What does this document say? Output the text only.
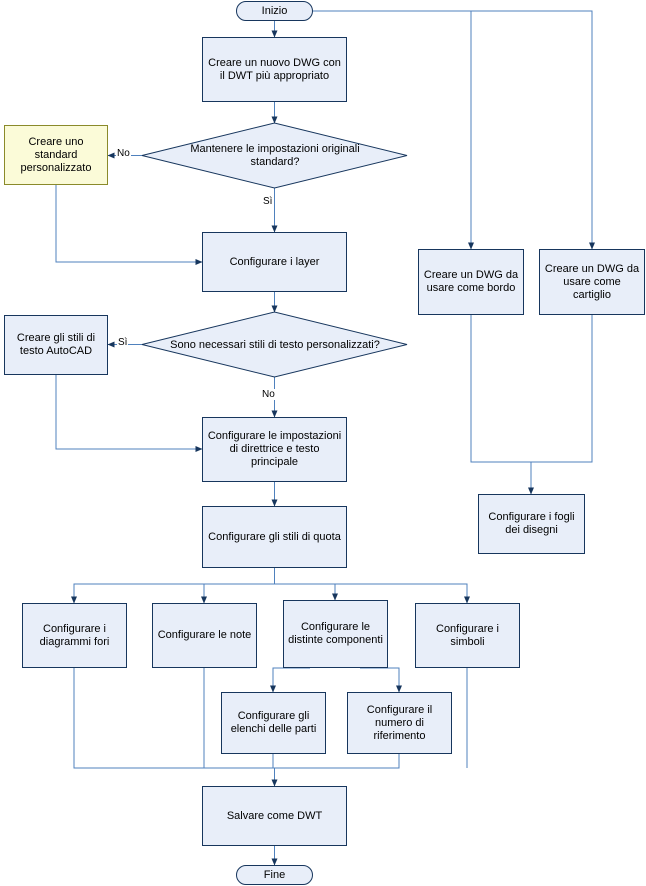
Inizio
Creare un nuovo DWG con il DWT più appropriato
Mantenere le impostazioni originali standard?
Creare uno standard personalizzato
Configurare i layer
Sono necessari stili di testo personalizzati?
Creare gli stili di testo AutoCAD
Configurare le impostazioni di direttrice e testo principale
Configurare gli stili di quota
Configurare i diagrammi fori
Configurare le note
Configurare le distinte componenti
Configurare i simboli
Configurare gli elenchi delle parti
Configurare il numero di riferimento
Salvare come DWT
Fine
Creare un DWG da usare come bordo
Creare un DWG da usare come cartiglio
Configurare i fogli dei disegni
No
Sì
Sì
No
